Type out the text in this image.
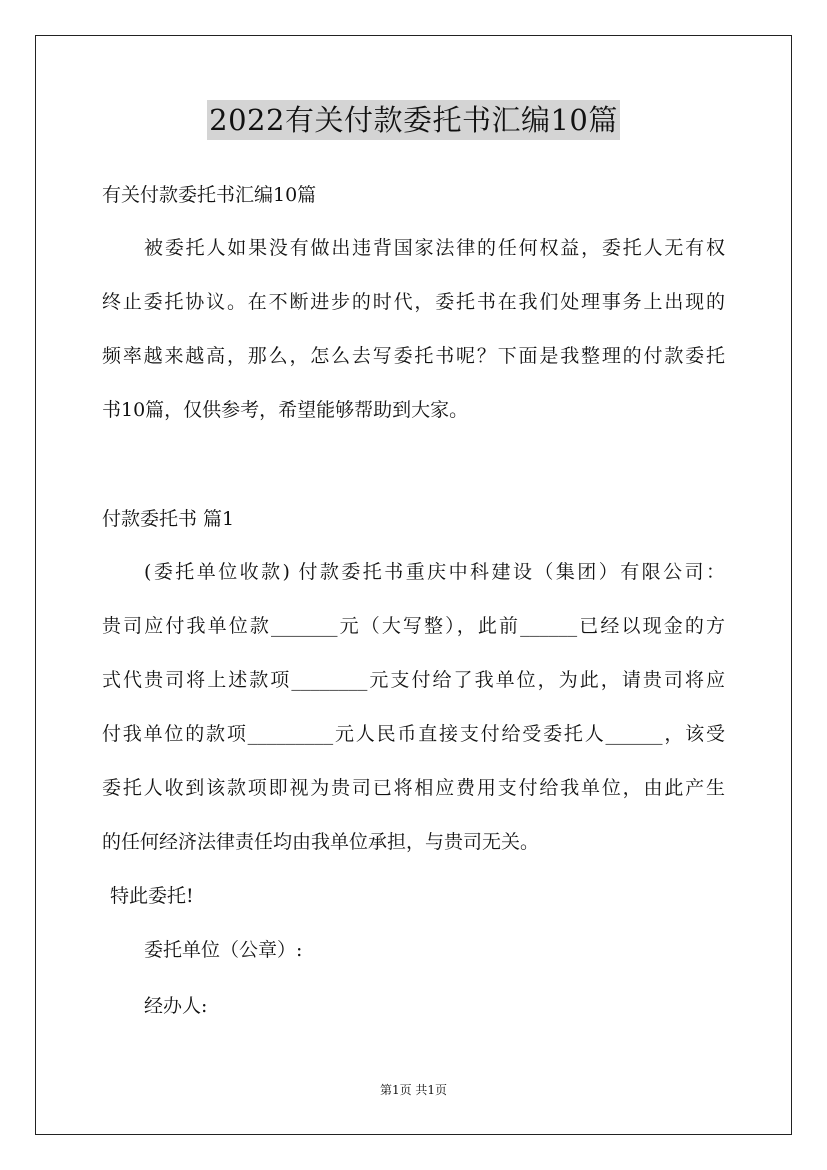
2022有关付款委托书汇编10篇
有关付款委托书汇编10篇
被委托人如果没有做出违背国家法律的任何权益，委托人无有权
终止委托协议。在不断进步的时代，委托书在我们处理事务上出现的
频率越来越高，那么，怎么去写委托书呢？下面是我整理的付款委托
书10篇，仅供参考，希望能够帮助到大家。
付款委托书 篇1
(委托单位收款) 付款委托书重庆中科建设（集团）有限公司：
贵司应付我单位款_______元（大写整），此前______已经以现金的方
式代贵司将上述款项________元支付给了我单位，为此，请贵司将应
付我单位的款项_________元人民币直接支付给受委托人______，该受
委托人收到该款项即视为贵司已将相应费用支付给我单位，由此产生
的任何经济法律责任均由我单位承担，与贵司无关。
特此委托!
委托单位（公章）:
经办人:
第1页 共1页
